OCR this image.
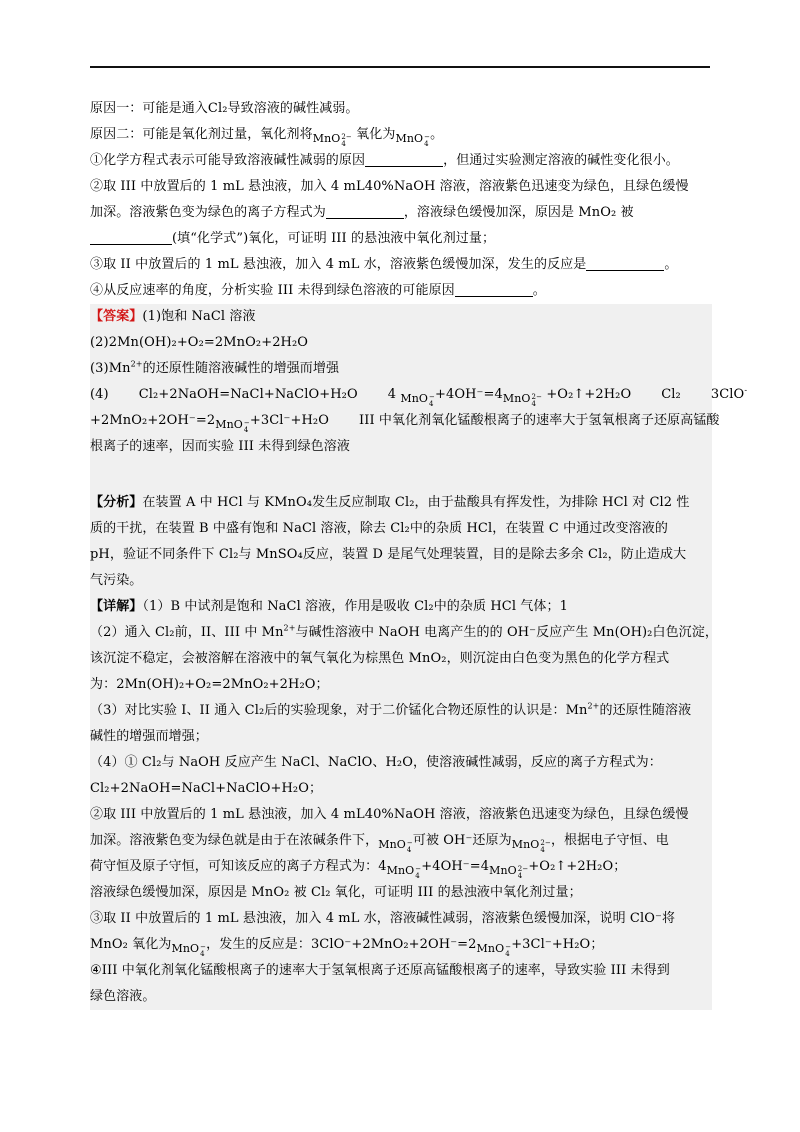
原因一：可能是通入Cl₂导致溶液的碱性减弱。
原因二：可能是氧化剂过量，氧化剂将MnO 2−
4
氧化为MnO −
4
。
①化学方程式表示可能导致溶液碱性减弱的原因	，但通过实验测定溶液的碱性变化很小。
②取 III 中放置后的 1 mL 悬浊液，加入 4 mL40%NaOH 溶液，溶液紫色迅速变为绿色，且绿色缓慢
加深。溶液紫色变为绿色的离子方程式为	，溶液绿色缓慢加深，原因是 MnO₂ 被
(填“化学式”)氧化，可证明 III 的悬浊液中氧化剂过量；
③取 II 中放置后的 1 mL 悬浊液，加入 4 mL 水，溶液紫色缓慢加深，发生的反应是	。
④从反应速率的角度，分析实验 III 未得到绿色溶液的可能原因	。
【答案】(1)饱和 NaCl 溶液
(2)2Mn(OH)₂+O₂=2MnO₂+2H₂O
$(3)Mn^{2+}$的还原性随溶液碱性的增强而增强
(4) Cl₂+2NaOH=NaCl+NaClO+H₂O 4 MnO −
4
+4OH⁻=4MnO 2−
4
+O₂↑+2H₂O Cl₂ 3ClO-
+2MnO₂+2OH⁻=2MnO −
4
+3Cl⁻+H₂O III 中氧化剂氧化锰酸根离子的速率大于氢氧根离子还原高锰酸
根离子的速率，因而实验 III 未得到绿色溶液
【分析】在装置 A 中 HCl 与 KMnO₄发生反应制取 Cl₂，由于盐酸具有挥发性，为排除 HCl 对 Cl2 性
质的干扰，在装置 B 中盛有饱和 NaCl 溶液，除去 Cl₂中的杂质 HCl，在装置 C 中通过改变溶液的
pH，验证不同条件下 Cl₂与 MnSO₄反应，装置 D 是尾气处理装置，目的是除去多余 Cl₂，防止造成大
气污染。
【详解】（1）B 中试剂是饱和 NaCl 溶液，作用是吸收 Cl₂中的杂质 HCl 气体；1
（2）通入 Cl₂前，II、III 中 $Mn^{2+}$与碱性溶液中 NaOH 电离产生的的 OH⁻反应产生 Mn(OH)₂白色沉淀，
该沉淀不稳定，会被溶解在溶液中的氧气氧化为棕黑色 MnO₂，则沉淀由白色变为黑色的化学方程式
为：2Mn(OH)₂+O₂=2MnO₂+2H₂O；
（3）对比实验 I、II 通入 Cl₂后的实验现象，对于二价锰化合物还原性的认识是：$Mn^{2+}$的还原性随溶液
碱性的增强而增强；
（4）① Cl₂与 NaOH 反应产生 NaCl、NaClO、H₂O，使溶液碱性减弱，反应的离子方程式为：
Cl₂+2NaOH=NaCl+NaClO+H₂O；
②取 III 中放置后的 1 mL 悬浊液，加入 4 mL40%NaOH 溶液，溶液紫色迅速变为绿色，且绿色缓慢
加深。溶液紫色变为绿色就是由于在浓碱条件下，MnO −
4
可被 OH⁻还原为MnO 2−
4
，根据电子守恒、电
荷守恒及原子守恒，可知该反应的离子方程式为：4MnO −
4
+4OH⁻=4MnO 2−
4
+O₂↑+2H₂O；
溶液绿色缓慢加深，原因是 MnO₂ 被 Cl₂ 氧化，可证明 III 的悬浊液中氧化剂过量；
③取 II 中放置后的 1 mL 悬浊液，加入 4 mL 水，溶液碱性减弱，溶液紫色缓慢加深，说明 ClO⁻将
MnO₂ 氧化为MnO −
4
，发生的反应是：3ClO⁻+2MnO₂+2OH⁻=2MnO −
4
+3Cl⁻+H₂O；
④III 中氧化剂氧化锰酸根离子的速率大于氢氧根离子还原高锰酸根离子的速率，导致实验 III 未得到
绿色溶液。
